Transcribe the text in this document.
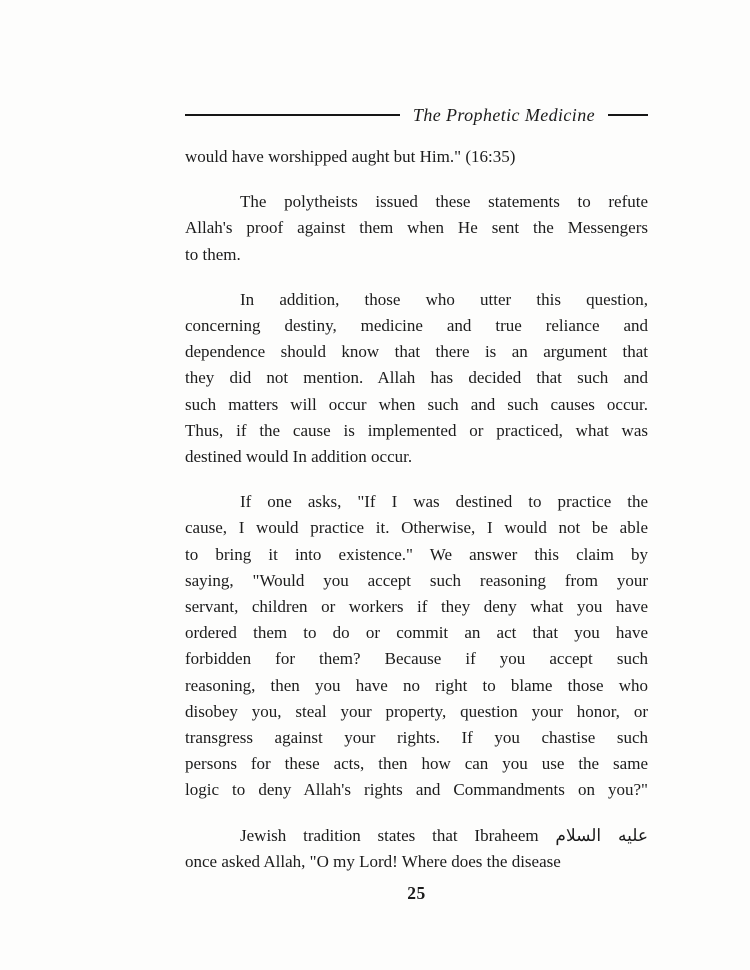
The Prophetic Medicine
would have worshipped aught but Him." (16:35)
The polytheists issued these statements to refute
Allah's proof against them when He sent the Messengers
to them.
In addition, those who utter this question,
concerning destiny, medicine and true reliance and
dependence should know that there is an argument that
they did not mention. Allah has decided that such and
such matters will occur when such and such causes occur.
Thus, if the cause is implemented or practiced, what was
destined would In addition occur.
If one asks, "If I was destined to practice the
cause, I would practice it. Otherwise, I would not be able
to bring it into existence." We answer this claim by
saying, "Would you accept such reasoning from your
servant, children or workers if they deny what you have
ordered them to do or commit an act that you have
forbidden for them? Because if you accept such
reasoning, then you have no right to blame those who
disobey you, steal your property, question your honor, or
transgress against your rights. If you chastise such
persons for these acts, then how can you use the same
logic to deny Allah's rights and Commandments on you?"
Jewish tradition states that Ibraheem عليه السلام
once asked Allah, "O my Lord! Where does the disease
25
